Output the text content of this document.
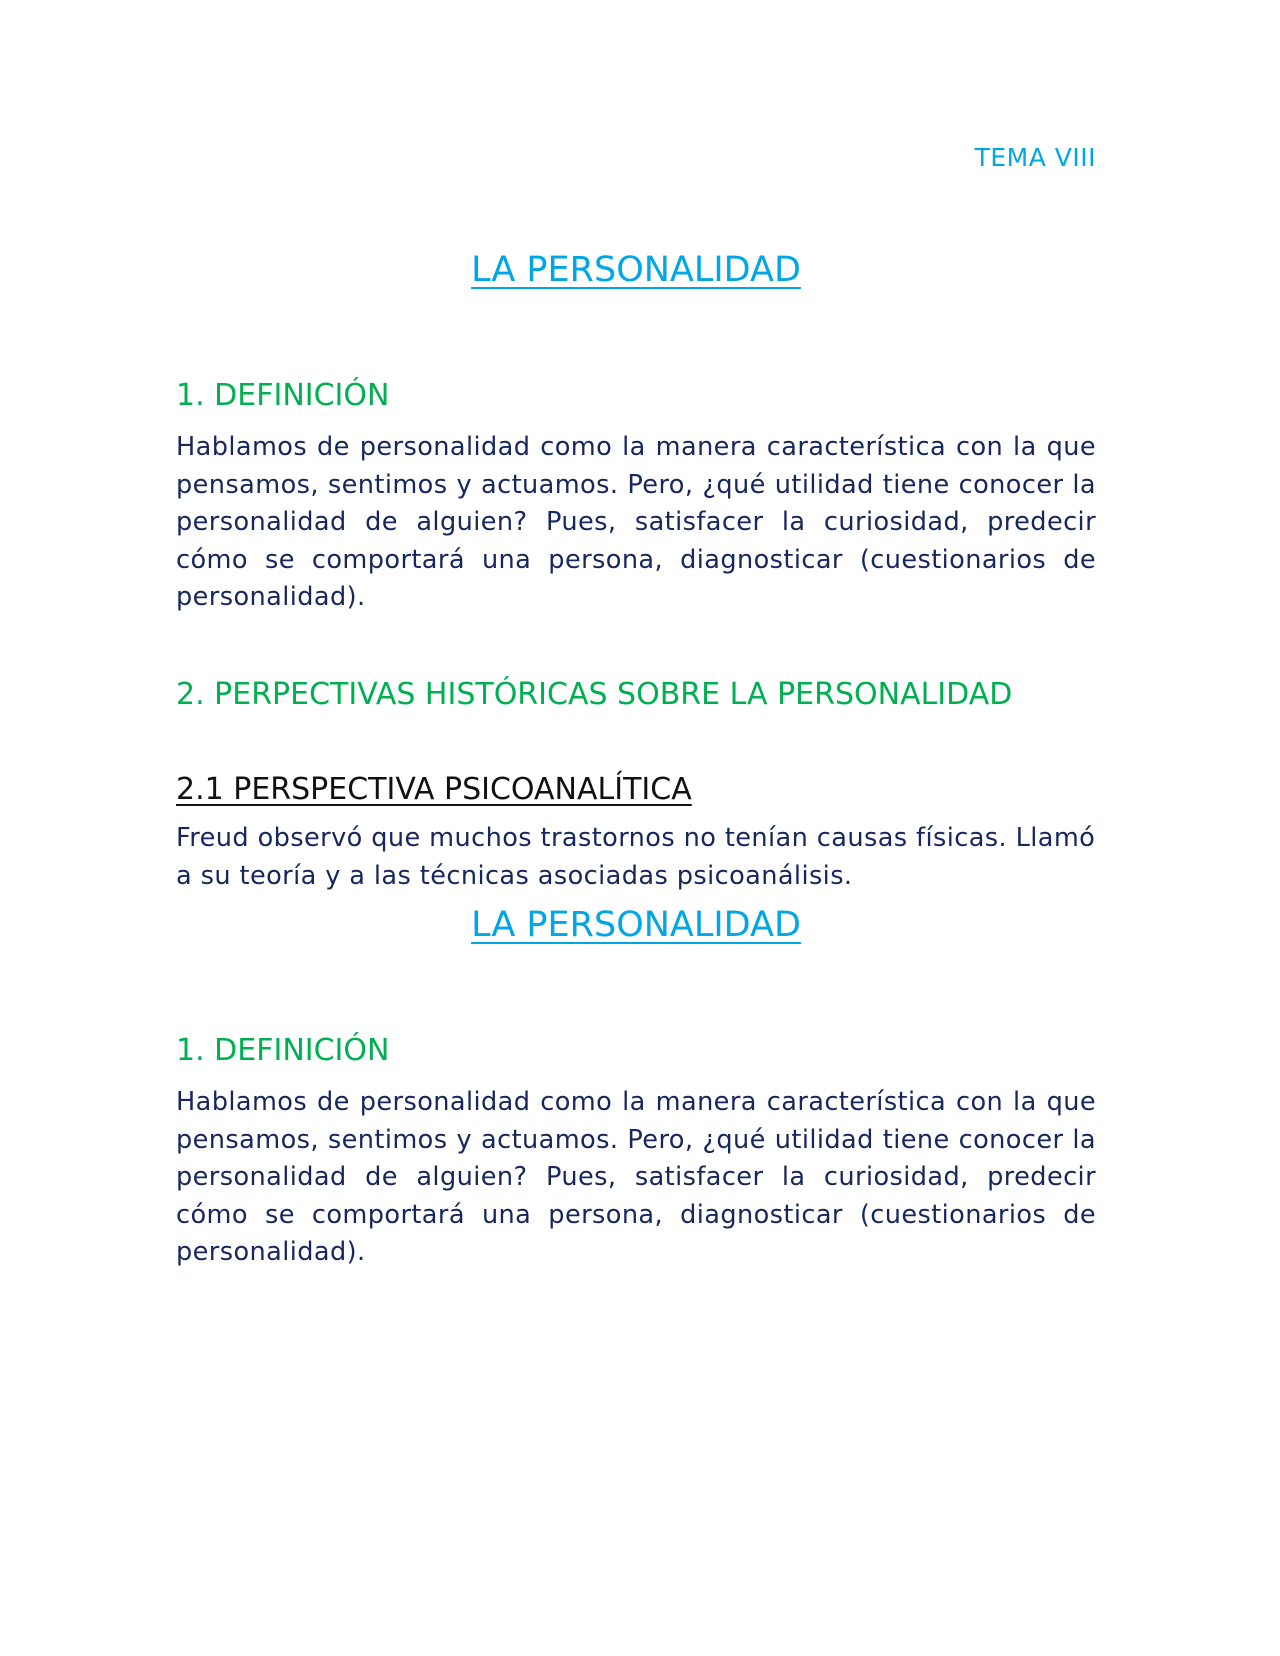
TEMA VIII
LA PERSONALIDAD
1. DEFINICIÓN
Hablamos de personalidad como la manera característica con la que pensamos, sentimos y actuamos. Pero, ¿qué utilidad tiene conocer la personalidad de alguien? Pues, satisfacer la curiosidad, predecir cómo se comportará una persona, diagnosticar (cuestionarios de personalidad).
2. PERPECTIVAS HISTÓRICAS SOBRE LA PERSONALIDAD
2.1 PERSPECTIVA PSICOANALÍTICA
Freud observó que muchos trastornos no tenían causas físicas. Llamó a su teoría y a las técnicas asociadas psicoanálisis.
LA PERSONALIDAD
1. DEFINICIÓN
Hablamos de personalidad como la manera característica con la que pensamos, sentimos y actuamos. Pero, ¿qué utilidad tiene conocer la personalidad de alguien? Pues, satisfacer la curiosidad, predecir cómo se comportará una persona, diagnosticar (cuestionarios de personalidad).
